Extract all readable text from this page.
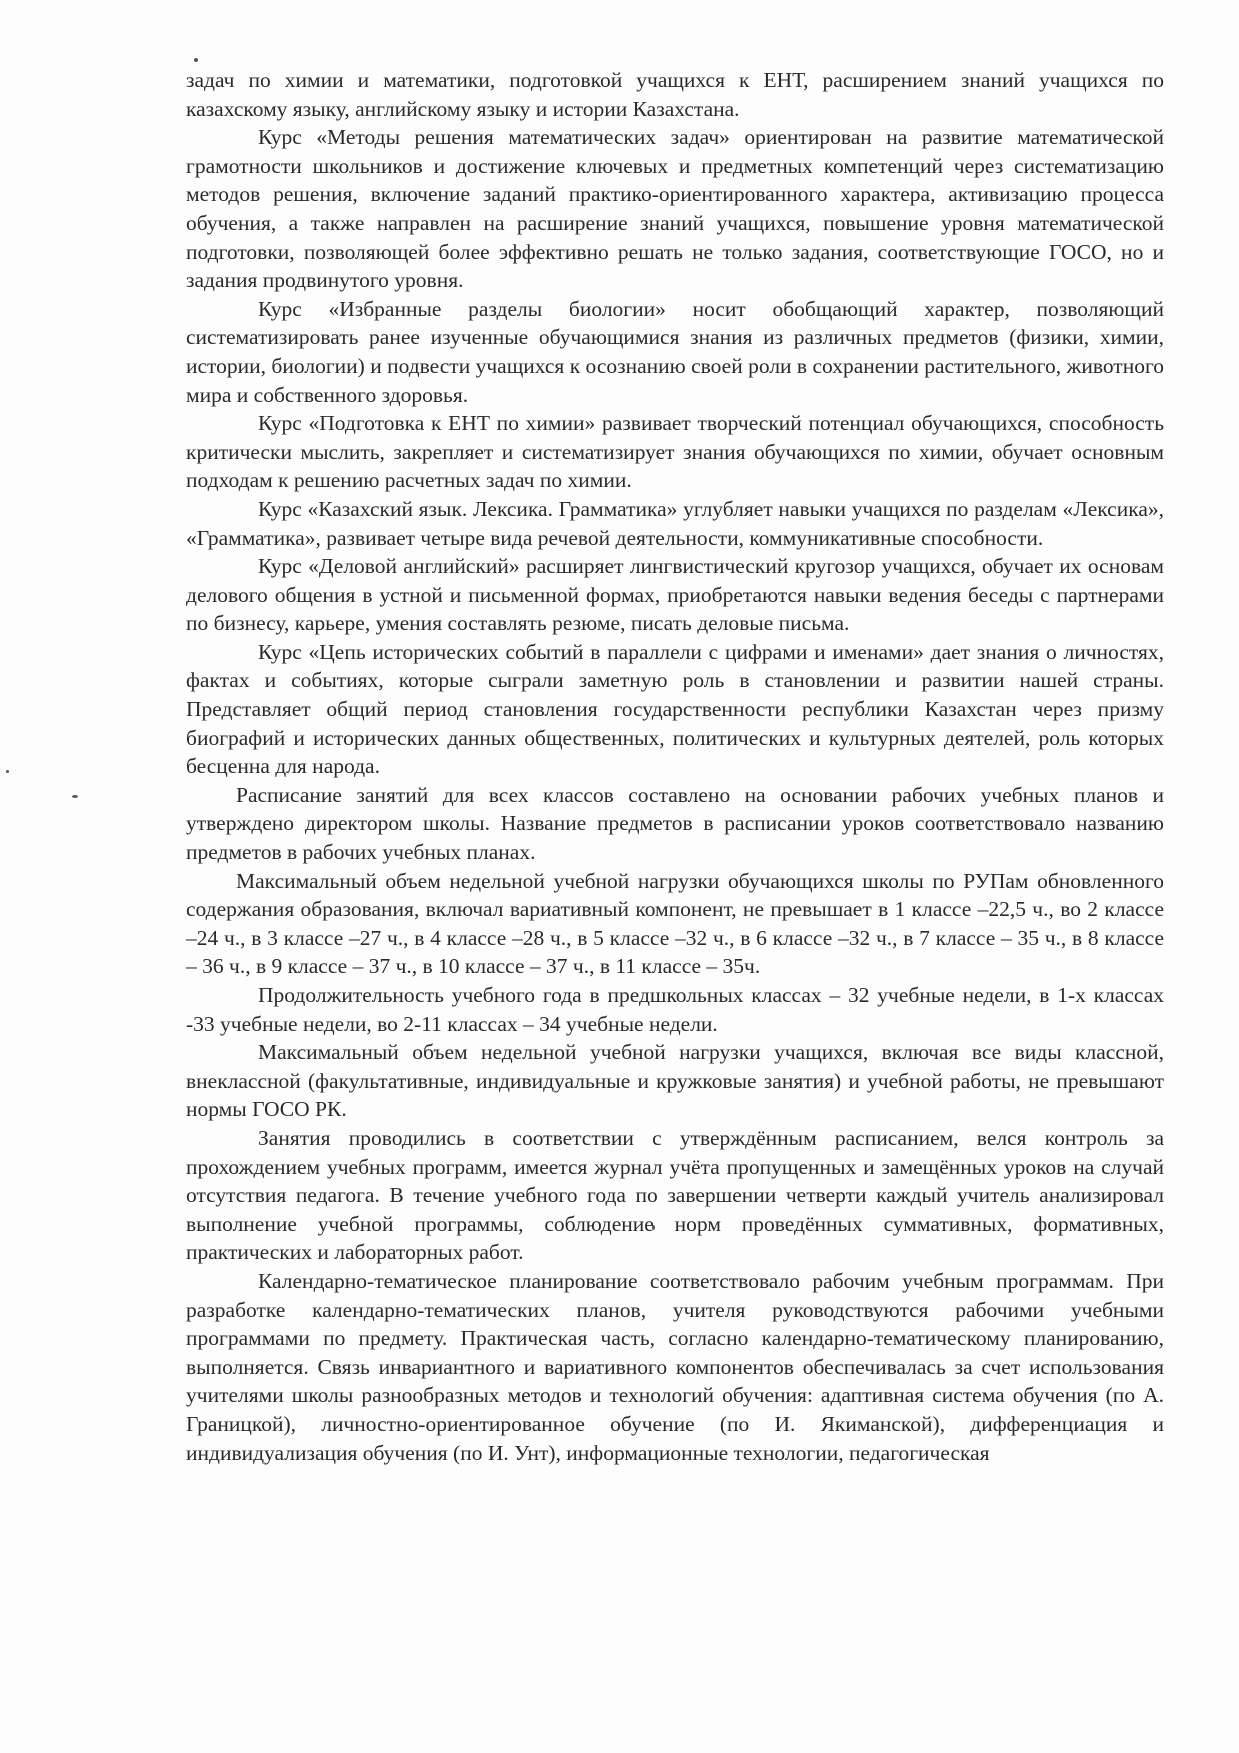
задач по химии и математики, подготовкой учащихся к ЕНТ, расширением знаний учащихся по казахскому языку, английскому языку и истории Казахстана.

Курс «Методы решения математических задач» ориентирован на развитие математической грамотности школьников и достижение ключевых и предметных компетенций через систематизацию методов решения, включение заданий практико-ориентированного характера, активизацию процесса обучения, а также направлен на расширение знаний учащихся, повышение уровня математической подготовки, позволяющей более эффективно решать не только задания, соответствующие ГОСО, но и задания продвинутого уровня.

Курс «Избранные разделы биологии» носит обобщающий характер, позволяющий систематизировать ранее изученные обучающимися знания из различных предметов (физики, химии, истории, биологии) и подвести учащихся к осознанию своей роли в сохранении растительного, животного мира и собственного здоровья.

Курс «Подготовка к ЕНТ по химии» развивает творческий потенциал обучающихся, способность критически мыслить, закрепляет и систематизирует знания обучающихся по химии, обучает основным подходам к решению расчетных задач по химии.

Курс «Казахский язык. Лексика. Грамматика» углубляет навыки учащихся по разделам «Лексика», «Грамматика», развивает четыре вида речевой деятельности, коммуникативные способности.

Курс «Деловой английский» расширяет лингвистический кругозор учащихся, обучает их основам делового общения в устной и письменной формах, приобретаются навыки ведения беседы с партнерами по бизнесу, карьере, умения составлять резюме, писать деловые письма.

Курс «Цепь исторических событий в параллели с цифрами и именами» дает знания о личностях, фактах и событиях, которые сыграли заметную роль в становлении и развитии нашей страны. Представляет общий период становления государственности республики Казахстан через призму биографий и исторических данных общественных, политических и культурных деятелей, роль которых бесценна для народа.

Расписание занятий для всех классов составлено на основании рабочих учебных планов и утверждено директором школы. Название предметов в расписании уроков соответствовало названию предметов в рабочих учебных планах.

Максимальный объем недельной учебной нагрузки обучающихся школы по РУПам обновленного содержания образования, включал вариативный компонент, не превышает в 1 классе –22,5 ч., во 2 классе –24 ч., в 3 классе –27 ч., в 4 классе –28 ч., в 5 классе –32 ч., в 6 классе –32 ч., в 7 классе – 35 ч., в 8 классе – 36 ч., в 9 классе – 37 ч., в 10 классе – 37 ч., в 11 классе – 35ч.

Продолжительность учебного года в предшкольных классах – 32 учебные недели, в 1-х классах -33 учебные недели, во 2-11 классах – 34 учебные недели.

Максимальный объем недельной учебной нагрузки учащихся, включая все виды классной, внеклассной (факультативные, индивидуальные и кружковые занятия) и учебной работы, не превышают нормы ГОСО РК.

Занятия проводились в соответствии с утверждённым расписанием, велся контроль за прохождением учебных программ, имеется журнал учёта пропущенных и замещённых уроков на случай отсутствия педагога. В течение учебного года по завершении четверти каждый учитель анализировал выполнение учебной программы, соблюдение норм проведённых суммативных, формативных, практических и лабораторных работ.

Календарно-тематическое планирование соответствовало рабочим учебным программам. При разработке календарно-тематических планов, учителя руководствуются рабочими учебными программами по предмету. Практическая часть, согласно календарно-тематическому планированию, выполняется. Связь инвариантного и вариативного компонентов обеспечивалась за счет использования учителями школы разнообразных методов и технологий обучения: адаптивная система обучения (по А. Границкой), личностно-ориентированное обучение (по И. Якиманской), дифференциация и индивидуализация обучения (по И. Унт), информационные технологии, педагогическая
